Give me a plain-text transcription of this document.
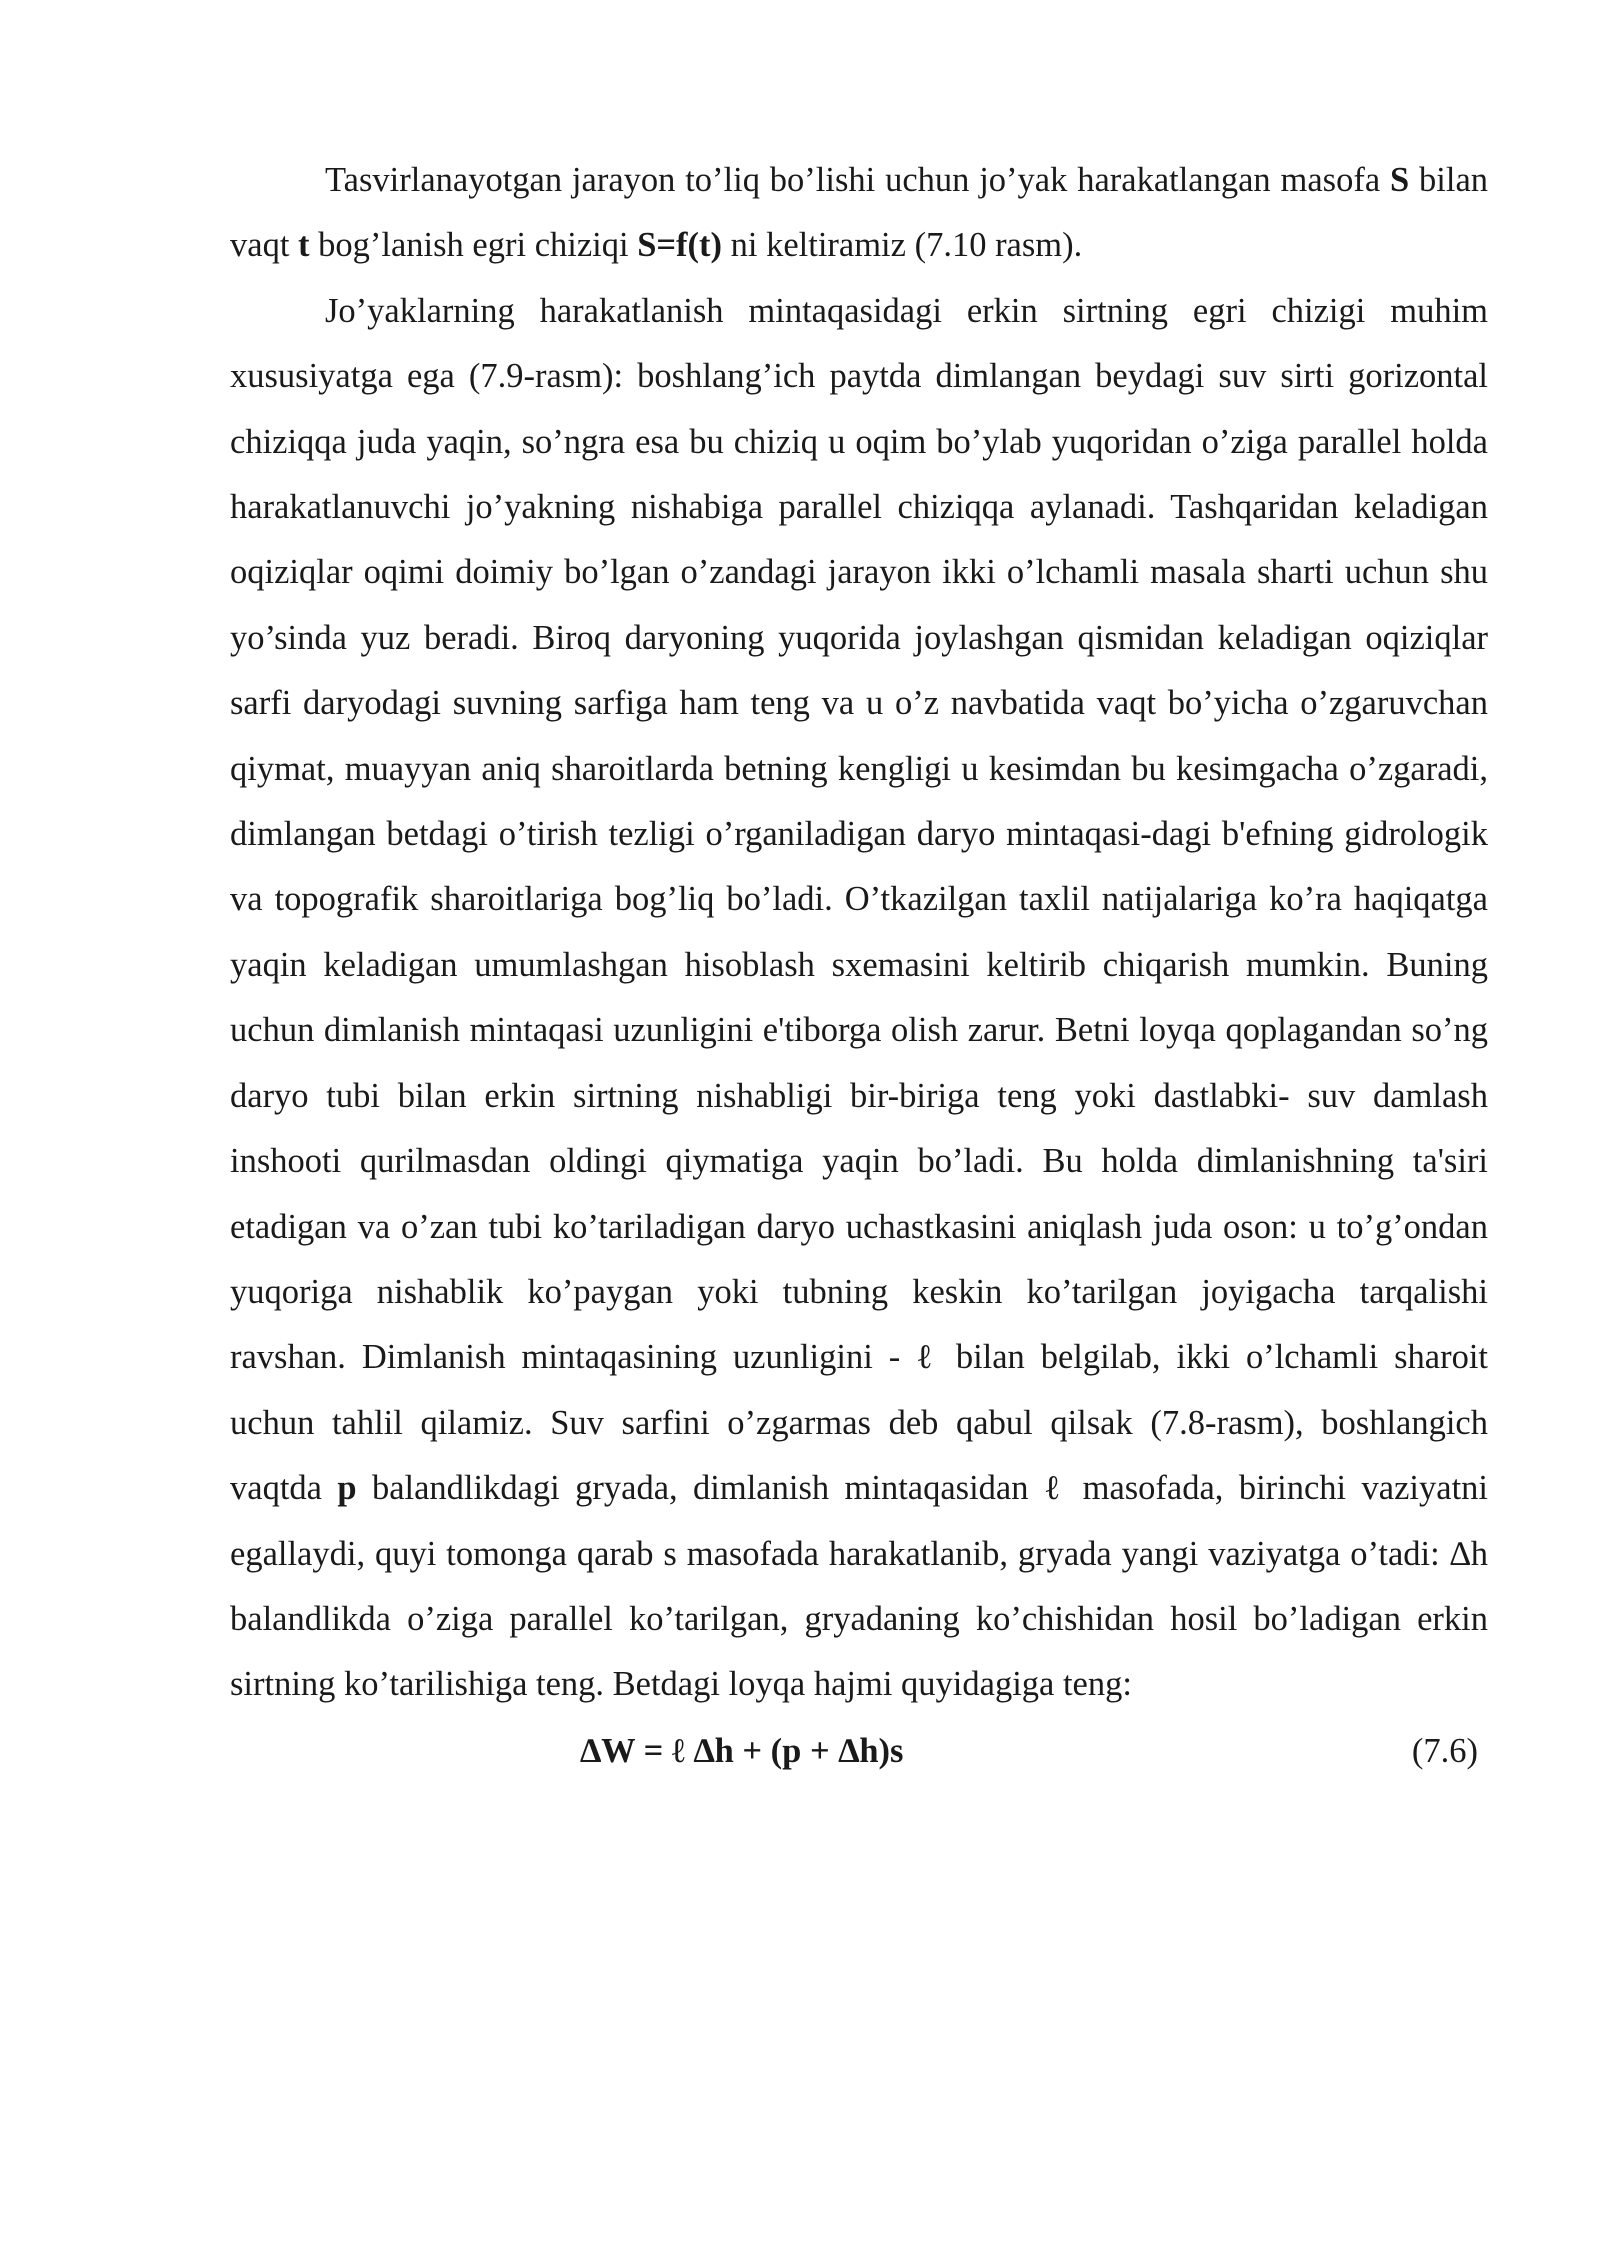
Tasvirlanayotgan jarayon to’liq bo’lishi uchun jo’yak harakatlangan masofa S bilan vaqt t bog’lanish egri chiziqi S=f(t) ni keltiramiz (7.10 rasm).

Jo’yaklarning harakatlanish mintaqasidagi erkin sirtning egri chizigi muhim xususiyatga ega (7.9-rasm): boshlang’ich paytda dimlangan beydagi suv sirti gorizontal chiziqqa juda yaqin, so’ngra esa bu chiziq u oqim bo’ylab yuqoridan o’ziga parallel holda harakatlanuvchi jo’yakning nishabiga parallel chiziqqa aylanadi. Tashqaridan keladigan oqiziqlar oqimi doimiy bo’lgan o’zandagi jarayon ikki o’lchamli masala sharti uchun shu yo’sinda yuz beradi. Biroq daryoning yuqorida joylashgan qismidan keladigan oqiziqlar sarfi daryodagi suvning sarfiga ham teng va u o’z navbatida vaqt bo’yicha o’zgaruvchan qiymat, muayyan aniq sharoitlarda betning kengligi u kesimdan bu kesimgacha o’zgaradi, dimlangan betdagi o’tirish tezligi o’rganiladigan daryo mintaqasi-dagi b'efning gidrologik va topografik sharoitlariga bog’liq bo’ladi. O’tkazilgan taxlil natijalariga ko’ra haqiqatga yaqin keladigan umumlashgan hisoblash sxemasini keltirib chiqarish mumkin. Buning uchun dimlanish mintaqasi uzunligini e'tiborga olish zarur. Betni loyqa qoplagandan so’ng daryo tubi bilan erkin sirtning nishabligi bir-biriga teng yoki dastlabki- suv damlash inshooti qurilmasdan oldingi qiymatiga yaqin bo’ladi. Bu holda dimlanishning ta'siri etadigan va o’zan tubi ko’tariladigan daryo uchastkasini aniqlash juda oson: u to’g’ondan yuqoriga nishablik ko’paygan yoki tubning keskin ko’tarilgan joyigacha tarqalishi ravshan. Dimlanish mintaqasining uzunligini - ℓ bilan belgilab, ikki o’lchamli sharoit uchun tahlil qilamiz. Suv sarfini o’zgarmas deb qabul qilsak (7.8-rasm), boshlangich vaqtda p balandlikdagi gryada, dimlanish mintaqasidan ℓ masofada, birinchi vaziyatni egallaydi, quyi tomonga qarab s masofada harakatlanib, gryada yangi vaziyatga o’tadi: ∆h balandlikda o’ziga parallel ko’tarilgan, gryadaning ko’chishidan hosil bo’ladigan erkin sirtning ko’tarilishiga teng. Betdagi loyqa hajmi quyidagiga teng:

∆W = ℓ ∆h + (p + ∆h)s	(7.6)
